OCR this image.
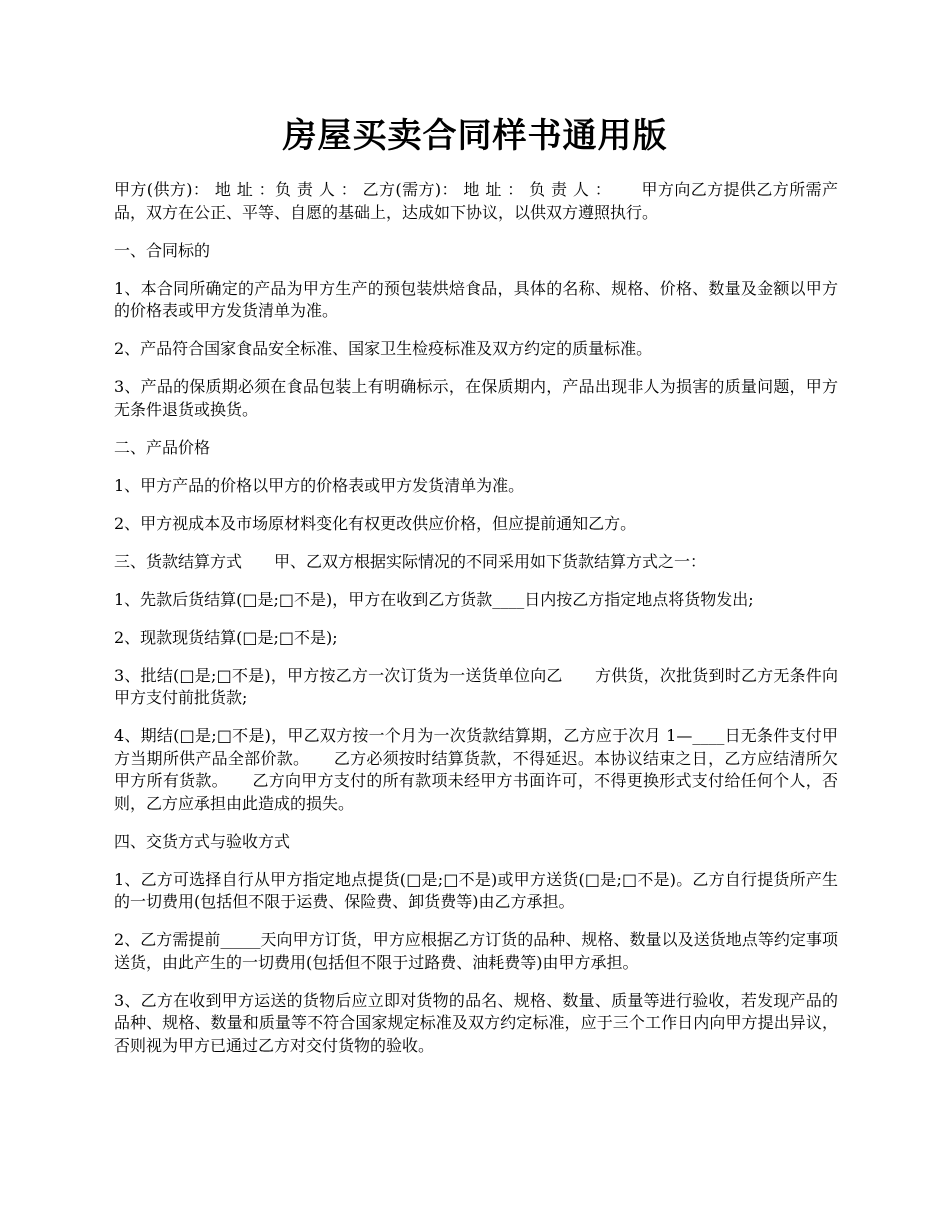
房屋买卖合同样书通用版

甲方(供方)： 地 址 ：负 责 人 ： 乙方(需方)： 地 址 ： 负 责 人 ：　　 甲方向乙方提供乙方所需产品，双方在公正、平等、自愿的基础上，达成如下协议，以供双方遵照执行。

一、合同标的

1、本合同所确定的产品为甲方生产的预包装烘焙食品，具体的名称、规格、价格、数量及金额以甲方的价格表或甲方发货清单为准。

2、产品符合国家食品安全标准、国家卫生检疫标准及双方约定的质量标准。

3、产品的保质期必须在食品包装上有明确标示，在保质期内，产品出现非人为损害的质量问题，甲方无条件退货或换货。

二、产品价格

1、甲方产品的价格以甲方的价格表或甲方发货清单为准。

2、甲方视成本及市场原材料变化有权更改供应价格，但应提前通知乙方。

三、货款结算方式　　甲、乙双方根据实际情况的不同采用如下货款结算方式之一：

1、先款后货结算(□是;□不是)，甲方在收到乙方货款____日内按乙方指定地点将货物发出;

2、现款现货结算(□是;□不是);

3、批结(□是;□不是)，甲方按乙方一次订货为一送货单位向乙　　方供货，次批货到时乙方无条件向甲方支付前批货款;

4、期结(□是;□不是)，甲乙双方按一个月为一次货款结算期，乙方应于次月 1—____日无条件支付甲方当期所供产品全部价款。　　乙方必须按时结算货款，不得延迟。本协议结束之日，乙方应结清所欠甲方所有货款。　　乙方向甲方支付的所有款项未经甲方书面许可，不得更换形式支付给任何个人，否则，乙方应承担由此造成的损失。

四、交货方式与验收方式

1、乙方可选择自行从甲方指定地点提货(□是;□不是)或甲方送货(□是;□不是)。乙方自行提货所产生的一切费用(包括但不限于运费、保险费、卸货费等)由乙方承担。

2、乙方需提前_____天向甲方订货，甲方应根据乙方订货的品种、规格、数量以及送货地点等约定事项送货，由此产生的一切费用(包括但不限于过路费、油耗费等)由甲方承担。

3、乙方在收到甲方运送的货物后应立即对货物的品名、规格、数量、质量等进行验收，若发现产品的品种、规格、数量和质量等不符合国家规定标准及双方约定标准，应于三个工作日内向甲方提出异议，否则视为甲方已通过乙方对交付货物的验收。
